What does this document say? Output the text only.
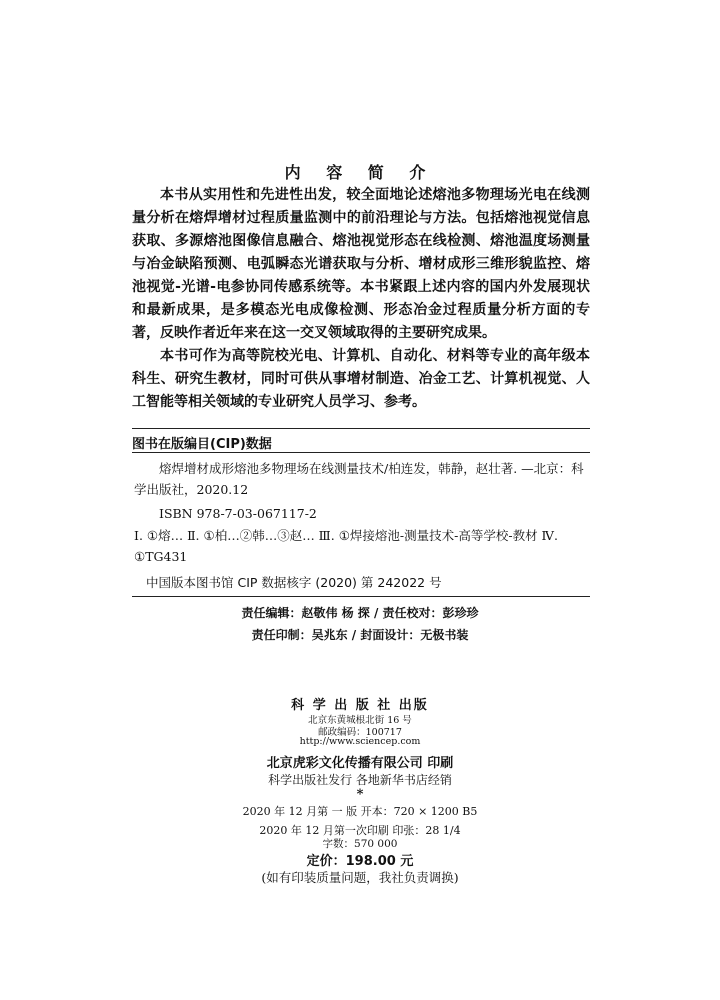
内 容 简 介

本书从实用性和先进性出发，较全面地论述熔池多物理场光电在线测量分析在熔焊增材过程质量监测中的前沿理论与方法。包括熔池视觉信息获取、多源熔池图像信息融合、熔池视觉形态在线检测、熔池温度场测量与冶金缺陷预测、电弧瞬态光谱获取与分析、增材成形三维形貌监控、熔池视觉-光谱-电参协同传感系统等。本书紧跟上述内容的国内外发展现状和最新成果，是多模态光电成像检测、形态冶金过程质量分析方面的专著，反映作者近年来在这一交叉领域取得的主要研究成果。

本书可作为高等院校光电、计算机、自动化、材料等专业的高年级本科生、研究生教材，同时可供从事增材制造、冶金工艺、计算机视觉、人工智能等相关领域的专业研究人员学习、参考。

图书在版编目(CIP)数据
熔焊增材成形熔池多物理场在线测量技术/柏连发，韩静，赵壮著. —北京：科学出版社，2020.12
ISBN 978-7-03-067117-2
Ⅰ. ①熔… Ⅱ. ①柏…②韩…③赵… Ⅲ. ①焊接熔池-测量技术-高等学校-教材 Ⅳ. ①TG431
中国版本图书馆 CIP 数据核字 (2020) 第 242022 号
责任编辑：赵敬伟 杨 探 / 责任校对：彭珍珍
责任印制：吴兆东 / 封面设计：无极书装
科 学 出 版 社 出版
北京东黄城根北街 16 号
邮政编码：100717
http://www.sciencep.com
北京虎彩文化传播有限公司 印刷
科学出版社发行 各地新华书店经销
*
2020 年 12 月第 一 版 开本：720 × 1200 B5
2020 年 12 月第一次印刷 印张：28 1/4
字数：570 000
定价：198.00 元
(如有印装质量问题，我社负责调换)
